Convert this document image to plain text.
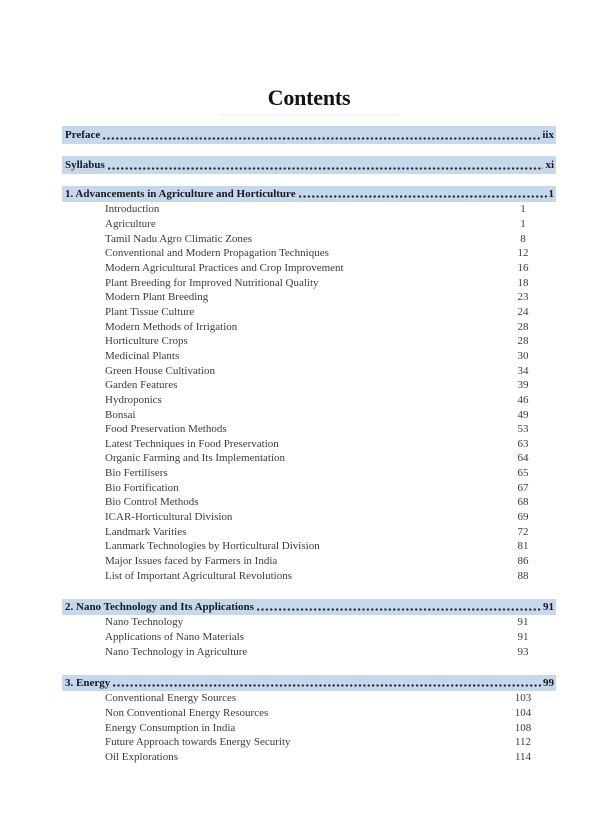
Contents
Preface	iix
Syllabus	xi
1. Advancements in Agriculture and Horticulture	1
Introduction	1
Agriculture	1
Tamil Nadu Agro Climatic Zones	8
Conventional and Modern Propagation Techniques	12
Modern Agricultural Practices and Crop Improvement	16
Plant Breeding for Improved Nutritional Quality	18
Modern Plant Breeding	23
Plant Tissue Culture	24
Modern Methods of Irrigation	28
Horticulture Crops	28
Medicinal Plants	30
Green House Cultivation	34
Garden Features	39
Hydroponics	46
Bonsai	49
Food Preservation Methods	53
Latest Techniques in Food Preservation	63
Organic Farming and Its Implementation	64
Bio Fertilisers	65
Bio Fortification	67
Bio Control Methods	68
ICAR-Horticultural Division	69
Landmark Varities	72
Lanmark Technologies by Horticultural Division	81
Major Issues faced by Farmers in India	86
List of Important Agricultural Revolutions	88
2. Nano Technology and Its Applications	91
Nano Technology	91
Applications of Nano Materials	91
Nano Technology in Agriculture	93
3. Energy	99
Conventional Energy Sources	103
Non Conventional Energy Resources	104
Energy Consumption in India	108
Future Approach towards Energy Security	112
Oil Explorations	114
